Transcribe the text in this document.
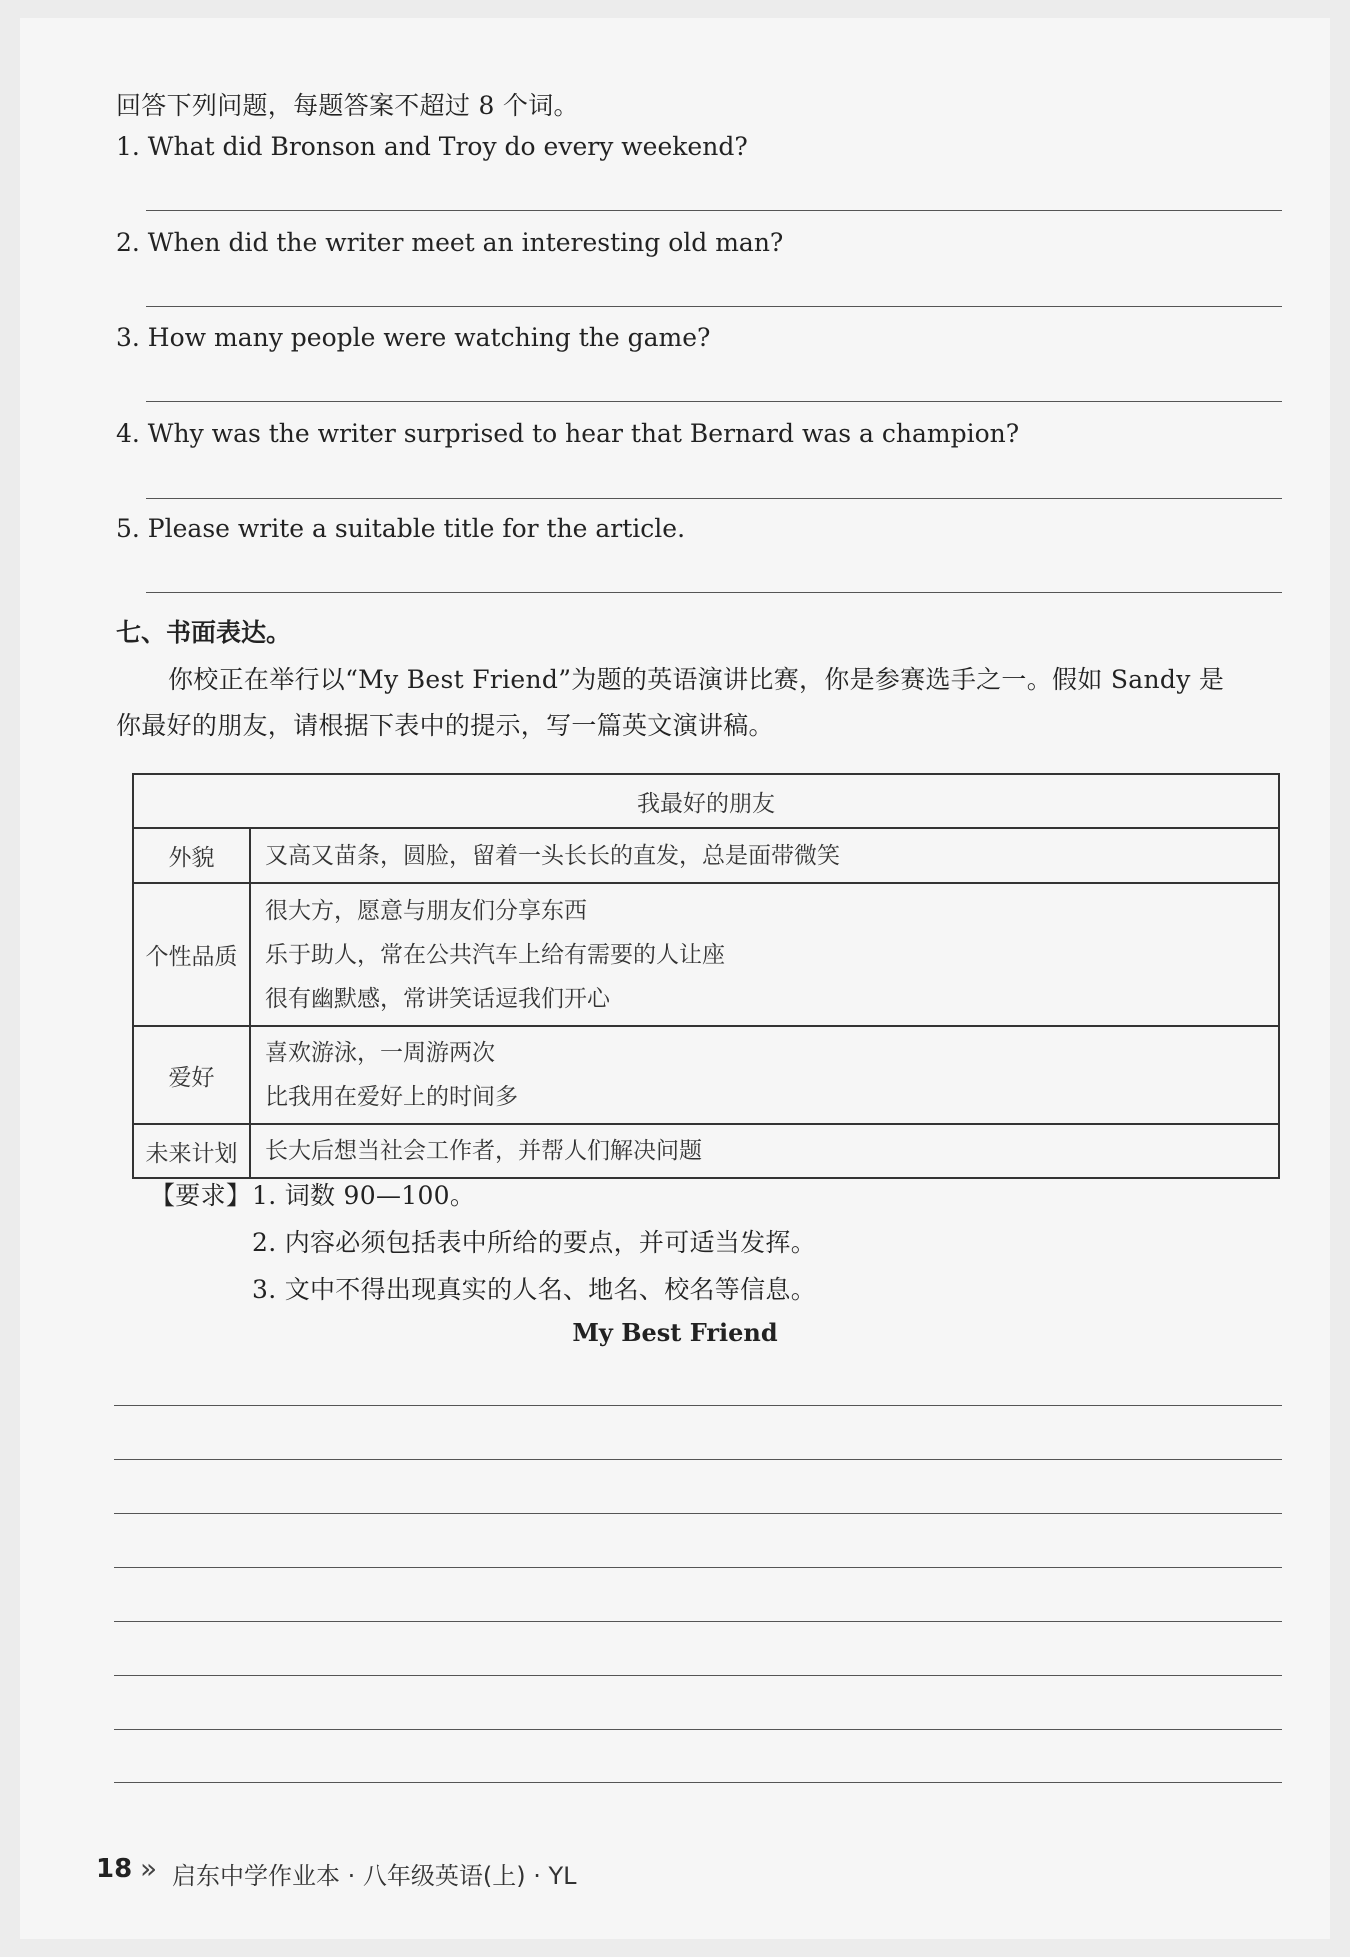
回答下列问题，每题答案不超过 8 个词。
1. What did Bronson and Troy do every weekend?
2. When did the writer meet an interesting old man?
3. How many people were watching the game?
4. Why was the writer surprised to hear that Bernard was a champion?
5. Please write a suitable title for the article.
七、书面表达。
你校正在举行以“My Best Friend”为题的英语演讲比赛，你是参赛选手之一。假如 Sandy 是
你最好的朋友，请根据下表中的提示，写一篇英文演讲稿。
我最好的朋友	
外貌	又高又苗条，圆脸，留着一头长长的直发，总是面带微笑

个性品质	很大方，愿意与朋友们分享东西
乐于助人，常在公共汽车上给有需要的人让座
很有幽默感，常讲笑话逗我们开心

爱好	喜欢游泳，一周游两次
比我用在爱好上的时间多

未来计划	长大后想当社会工作者，并帮人们解决问题
【要求】 1. 词数 90—100。
2. 内容必须包括表中所给的要点，并可适当发挥。
3. 文中不得出现真实的人名、地名、校名等信息。
My Best Friend
18 » 启东中学作业本 · 八年级英语(上) · YL
